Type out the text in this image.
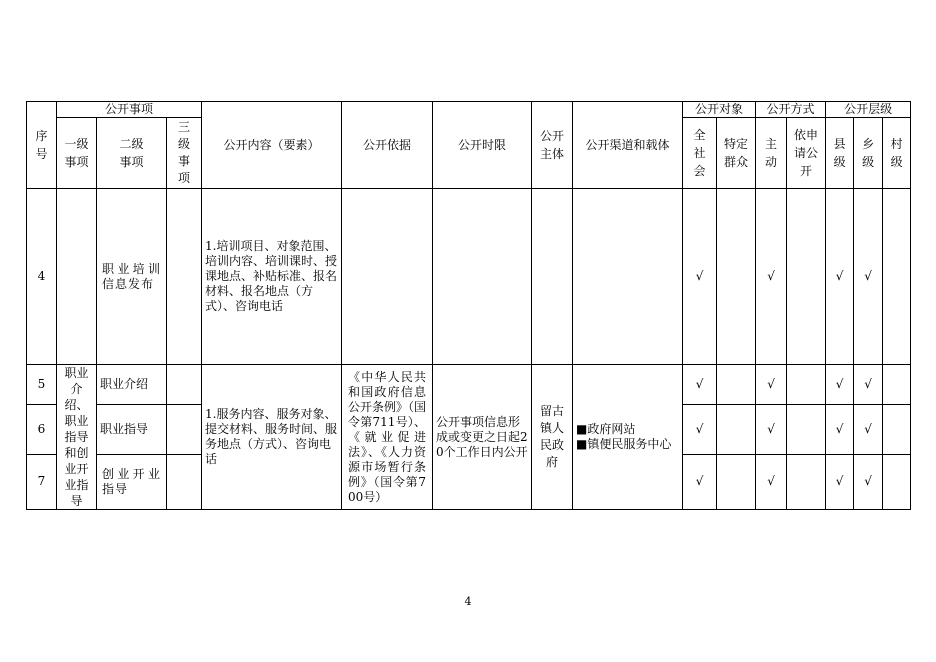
序号	公开事项			公开内容（要素）	公开依据	公开时限	公开主体	公开渠道和载体	公开对象		公开方式		公开层级		
	一级事项	二级事项	三级事项						全社会	特定群众	主动	依申请公开	县级	乡级	村级
4		职业培训信息发布		1.培训项目、对象范围、培训内容、培训课时、授课地点、补贴标准、报名材料、报名地点（方式）、咨询电话					√		√		√	√	
5	职业介绍、职业指导和创业开业指导	职业介绍		1.服务内容、服务对象、提交材料、服务时间、服务地点（方式）、咨询电话	《中华人民共和国政府信息公开条例》（国令第711号）、《就业促进法》、《人力资源市场暂行条例》（国令第700号）	公开事项信息形成或变更之日起20个工作日内公开	留古镇人民政府	■政府网站
■镇便民服务中心	√		√		√	√	
6		职业指导							√		√		√	√	
7		创业开业指导							√		√		√	√	
4
